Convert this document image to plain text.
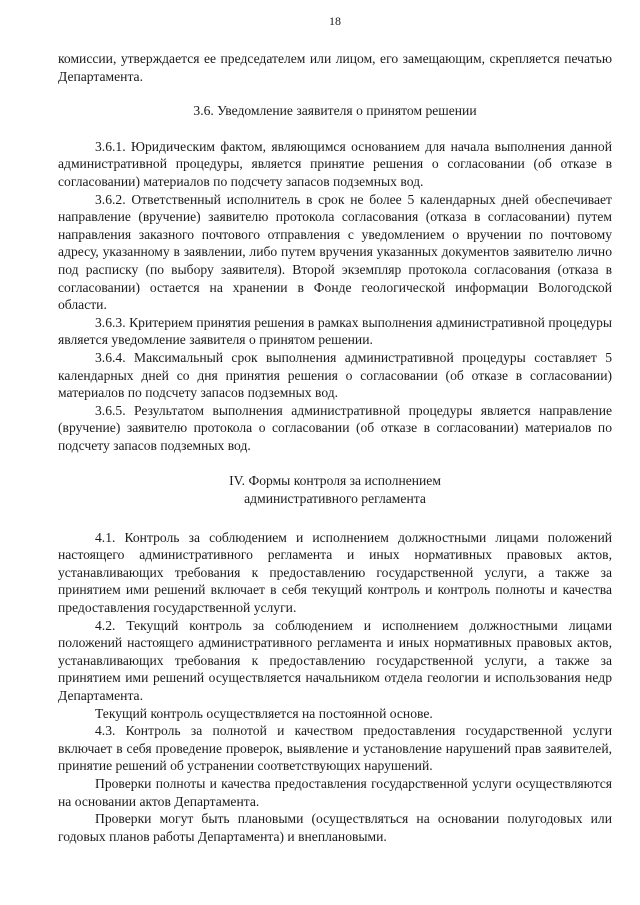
18

комиссии, утверждается ее председателем или лицом, его замещающим, скрепляется печатью Департамента.

3.6. Уведомление заявителя о принятом решении

3.6.1. Юридическим фактом, являющимся основанием для начала выполнения данной административной процедуры, является принятие решения о согласовании (об отказе в согласовании) материалов по подсчету запасов подземных вод.

3.6.2. Ответственный исполнитель в срок не более 5 календарных дней обеспечивает направление (вручение) заявителю протокола согласования (отказа в согласовании) путем направления заказного почтового отправления с уведомлением о вручении по почтовому адресу, указанному в заявлении, либо путем вручения указанных документов заявителю лично под расписку (по выбору заявителя). Второй экземпляр протокола согласования (отказа в согласовании) остается на хранении в Фонде геологической информации Вологодской области.

3.6.3. Критерием принятия решения в рамках выполнения административной процедуры является уведомление заявителя о принятом решении.

3.6.4. Максимальный срок выполнения административной процедуры составляет 5 календарных дней со дня принятия решения о согласовании (об отказе в согласовании) материалов по подсчету запасов подземных вод.

3.6.5. Результатом выполнения административной процедуры является направление (вручение) заявителю протокола о согласовании (об отказе в согласовании) материалов по подсчету запасов подземных вод.

IV. Формы контроля за исполнением
административного регламента

4.1. Контроль за соблюдением и исполнением должностными лицами положений настоящего административного регламента и иных нормативных правовых актов, устанавливающих требования к предоставлению государственной услуги, а также за принятием ими решений включает в себя текущий контроль и контроль полноты и качества предоставления государственной услуги.

4.2. Текущий контроль за соблюдением и исполнением должностными лицами положений настоящего административного регламента и иных нормативных правовых актов, устанавливающих требования к предоставлению государственной услуги, а также за принятием ими решений осуществляется начальником отдела геологии и использования недр Департамента.

Текущий контроль осуществляется на постоянной основе.

4.3. Контроль за полнотой и качеством предоставления государственной услуги включает в себя проведение проверок, выявление и установление нарушений прав заявителей, принятие решений об устранении соответствующих нарушений.

Проверки полноты и качества предоставления государственной услуги осуществляются на основании актов Департамента.

Проверки могут быть плановыми (осуществляться на основании полугодовых или годовых планов работы Департамента) и внеплановыми.
